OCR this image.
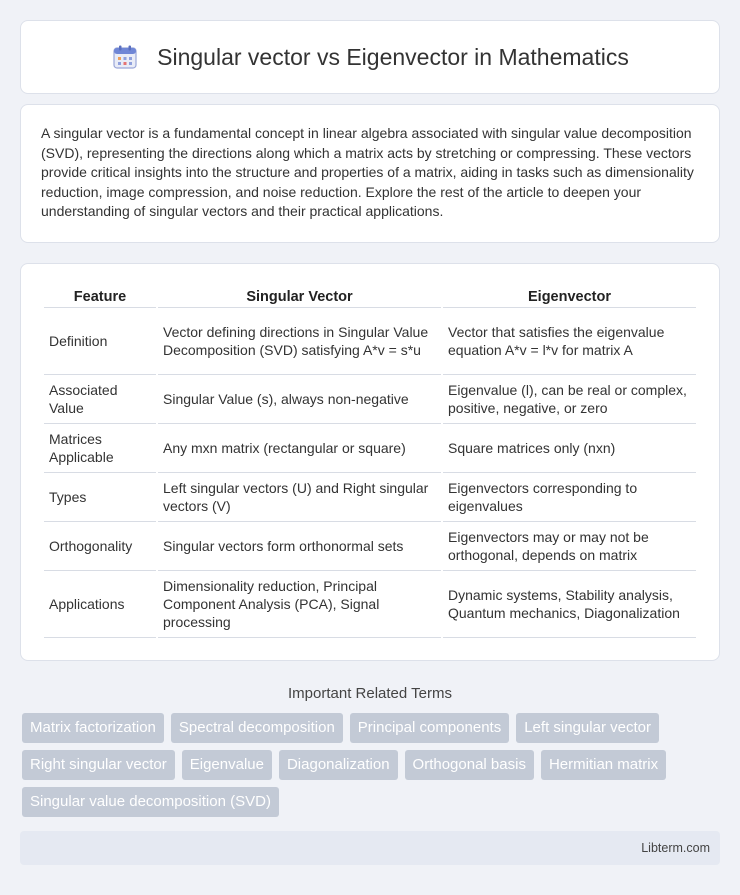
Singular vector vs Eigenvector in Mathematics

A singular vector is a fundamental concept in linear algebra associated with singular value decomposition (SVD), representing the directions along which a matrix acts by stretching or compressing. These vectors provide critical insights into the structure and properties of a matrix, aiding in tasks such as dimensionality reduction, image compression, and noise reduction. Explore the rest of the article to deepen your understanding of singular vectors and their practical applications.

Feature	Singular Vector	Eigenvector
Definition	Vector defining directions in Singular Value Decomposition (SVD) satisfying A*v = s*u	Vector that satisfies the eigenvalue equation A*v = l*v for matrix A
Associated Value	Singular Value (s), always non-negative	Eigenvalue (l), can be real or complex, positive, negative, or zero
Matrices Applicable	Any mxn matrix (rectangular or square)	Square matrices only (nxn)
Types	Left singular vectors (U) and Right singular vectors (V)	Eigenvectors corresponding to eigenvalues
Orthogonality	Singular vectors form orthonormal sets	Eigenvectors may or may not be orthogonal, depends on matrix
Applications	Dimensionality reduction, Principal Component Analysis (PCA), Signal processing	Dynamic systems, Stability analysis, Quantum mechanics, Diagonalization
Important Related Terms
Matrix factorization	Spectral decomposition	Principal components	Left singular vector
Right singular vector	Eigenvalue	Diagonalization	Orthogonal basis	Hermitian matrix
Singular value decomposition (SVD)
Libterm.com
